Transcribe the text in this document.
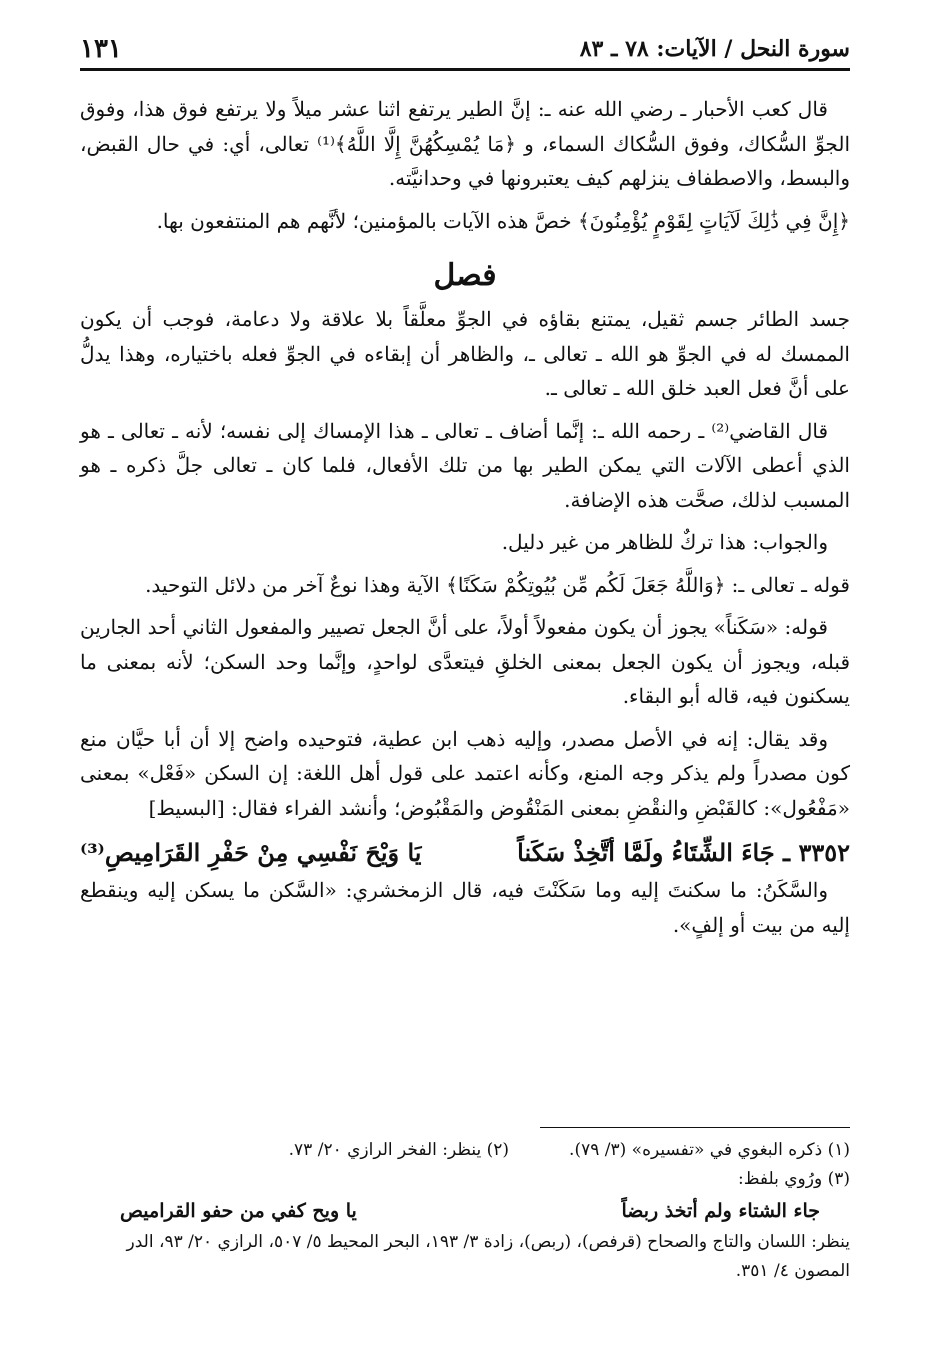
سورة النحل / الآيات: ٧٨ ـ ٨٣
١٣١

قال كعب الأحبار ـ رضي الله عنه ـ: إنَّ الطير يرتفع اثنا عشر ميلاً ولا يرتفع فوق هذا، وفوق الجوِّ السُّكاك، وفوق السُّكاك السماء، و ﴿مَا يُمْسِكُهُنَّ إِلَّا اللَّهُ﴾⁽¹⁾ تعالى، أي: في حال القبض، والبسط، والاصطفاف ينزلهم كيف يعتبرونها في وحدانيَّته.

﴿إِنَّ فِي ذَٰلِكَ لَآيَاتٍ لِقَوْمٍ يُؤْمِنُونَ﴾ خصَّ هذه الآيات بالمؤمنين؛ لأنَّهم هم المنتفعون بها.

فصل

جسد الطائر جسم ثقيل، يمتنع بقاؤه في الجوِّ معلَّقاً بلا علاقة ولا دعامة، فوجب أن يكون الممسك له في الجوِّ هو الله ـ تعالى ـ، والظاهر أن إبقاءه في الجوِّ فعله باختياره، وهذا يدلُّ على أنَّ فعل العبد خلق الله ـ تعالى ـ.

قال القاضي⁽²⁾ ـ رحمه الله ـ: إنَّما أضاف ـ تعالى ـ هذا الإمساك إلى نفسه؛ لأنه ـ تعالى ـ هو الذي أعطى الآلات التي يمكن الطير بها من تلك الأفعال، فلما كان ـ تعالى جلَّ ذكره ـ هو المسبب لذلك، صحَّت هذه الإضافة.

والجواب: هذا تركٌ للظاهر من غير دليل.

قوله ـ تعالى ـ: ﴿وَاللَّهُ جَعَلَ لَكُم مِّن بُيُوتِكُمْ سَكَنًا﴾ الآية وهذا نوعٌ آخر من دلائل التوحيد.

قوله: «سَكَناً» يجوز أن يكون مفعولاً أولاً، على أنَّ الجعل تصيير والمفعول الثاني أحد الجارين قبله، ويجوز أن يكون الجعل بمعنى الخلقِ فيتعدَّى لواحدٍ، وإنَّما وحد السكن؛ لأنه بمعنى ما يسكنون فيه، قاله أبو البقاء.

وقد يقال: إنه في الأصل مصدر، وإليه ذهب ابن عطية، فتوحيده واضح إلا أن أبا حيَّان منع كون مصدراً ولم يذكر وجه المنع، وكأنه اعتمد على قول أهل اللغة: إن السكن «فَعْل» بمعنى «مَفْعُول»: كالقَبْضِ والنقْضِ بمعنى المَنْقُوض والمَقْبُوض؛ وأنشد الفراء فقال: [البسيط]

٣٣٥٢ ـ جَاءَ الشِّتَاءُ ولَمَّا أتَّخِذْ سَكَناً
يَا وَيْحَ نَفْسِي مِنْ حَفْرِ القَرَامِيصِ⁽³⁾

والسَّكَنُ: ما سكنتَ إليه وما سَكَنْتَ فيه، قال الزمخشري: «السَّكن ما يسكن إليه وينقطع إليه من بيت أو إلفٍ».

(١) ذكره البغوي في «تفسيره» (٣/ ٧٩).
(٢) ينظر: الفخر الرازي ٢٠/ ٧٣.

(٣) ورُوي بلفظ:

جاء الشتاء ولم أتخذ ربضاً
يا ويح كفي من حفو القراميص

ينظر: اللسان والتاج والصحاح (قرفص)، (ربص)، زادة ٣/ ١٩٣، البحر المحيط ٥/ ٥٠٧، الرازي ٢٠/ ٩٣، الدر المصون ٤/ ٣٥١.
